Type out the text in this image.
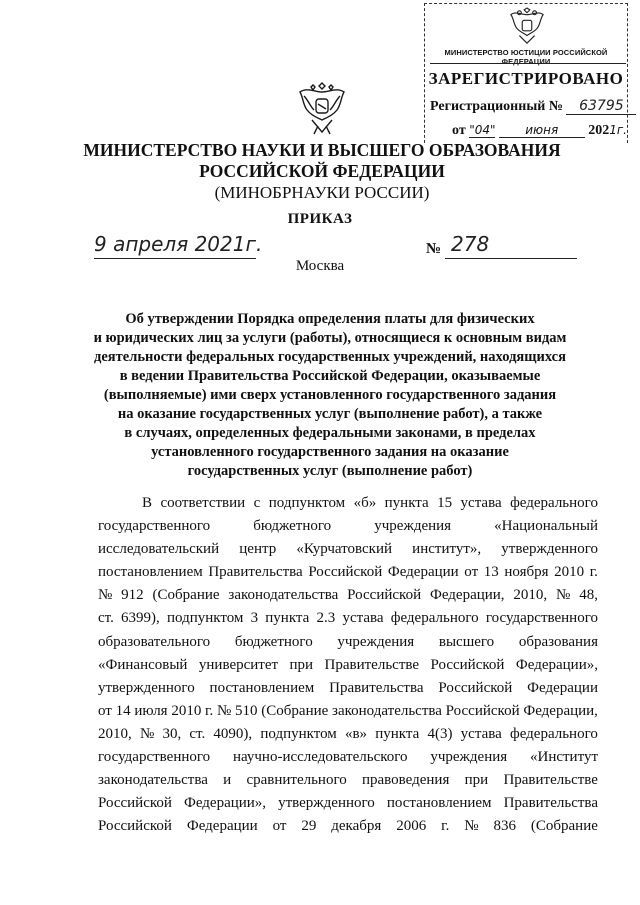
МИНИСТЕРСТВО ЮСТИЦИИ РОССИЙСКОЙ ФЕДЕРАЦИИ
ЗАРЕГИСТРИРОВАНО
Регистрационный № 63795
от "04" июня 2021г.
МИНИСТЕРСТВО НАУКИ И ВЫСШЕГО ОБРАЗОВАНИЯ
РОССИЙСКОЙ ФЕДЕРАЦИИ
(МИНОБРНАУКИ РОССИИ)
ПРИКАЗ
9 апреля 2021г.	№ 278
Москва
Об утверждении Порядка определения платы для физических
и юридических лиц за услуги (работы), относящиеся к основным видам
деятельности федеральных государственных учреждений, находящихся
в ведении Правительства Российской Федерации, оказываемые
(выполняемые) ими сверх установленного государственного задания
на оказание государственных услуг (выполнение работ), а также
в случаях, определенных федеральными законами, в пределах
установленного государственного задания на оказание
государственных услуг (выполнение работ)
В соответствии с подпунктом «б» пункта 15 устава федерального
государственного	бюджетного	учреждения	«Национальный
исследовательский центр «Курчатовский институт», утвержденного
постановлением Правительства Российской Федерации от 13 ноября 2010 г.
№ 912 (Собрание законодательства Российской Федерации, 2010, № 48,
ст. 6399), подпунктом 3 пункта 2.3 устава федерального государственного
образовательного бюджетного учреждения высшего образования
«Финансовый университет при Правительстве Российской Федерации»,
утвержденного постановлением Правительства Российской Федерации
от 14 июля 2010 г. № 510 (Собрание законодательства Российской Федерации,
2010, № 30, ст. 4090), подпунктом «в» пункта 4(3) устава федерального
государственного научно-исследовательского учреждения «Институт
законодательства и сравнительного правоведения при Правительстве
Российской Федерации», утвержденного постановлением Правительства
Российской Федерации от 29 декабря 2006 г. № 836 (Собрание
